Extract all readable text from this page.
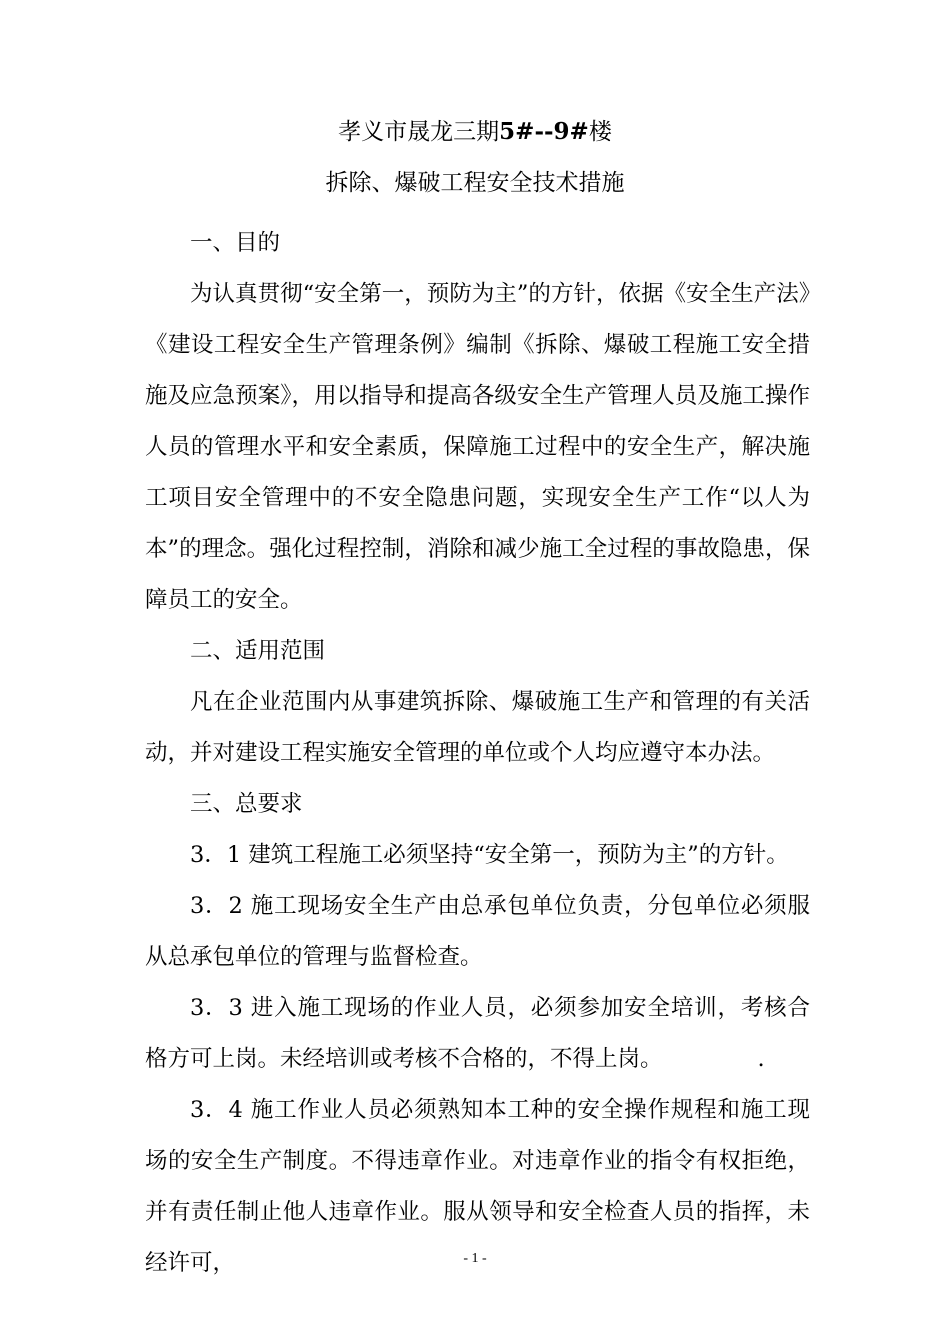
孝义市晟龙三期5#--9#楼
拆除、爆破工程安全技术措施

一、目的

为认真贯彻“安全第一，预防为主”的方针，依据《安全生产法》《建设工程安全生产管理条例》编制《拆除、爆破工程施工安全措施及应急预案》，用以指导和提高各级安全生产管理人员及施工操作人员的管理水平和安全素质，保障施工过程中的安全生产，解决施工项目安全管理中的不安全隐患问题，实现安全生产工作“以人为本”的理念。强化过程控制，消除和减少施工全过程的事故隐患，保障员工的安全。

二、适用范围

凡在企业范围内从事建筑拆除、爆破施工生产和管理的有关活动，并对建设工程实施安全管理的单位或个人均应遵守本办法。

三、总要求

3．1 建筑工程施工必须坚持“安全第一，预防为主”的方针。

3．2 施工现场安全生产由总承包单位负责，分包单位必须服从总承包单位的管理与监督检查。

3．3 进入施工现场的作业人员，必须参加安全培训，考核合格方可上岗。未经培训或考核不合格的，不得上岗。	.

3．4 施工作业人员必须熟知本工种的安全操作规程和施工现场的安全生产制度。不得违章作业。对违章作业的指令有权拒绝，并有责任制止他人违章作业。服从领导和安全检查人员的指挥，未经许可，	- 1 -
